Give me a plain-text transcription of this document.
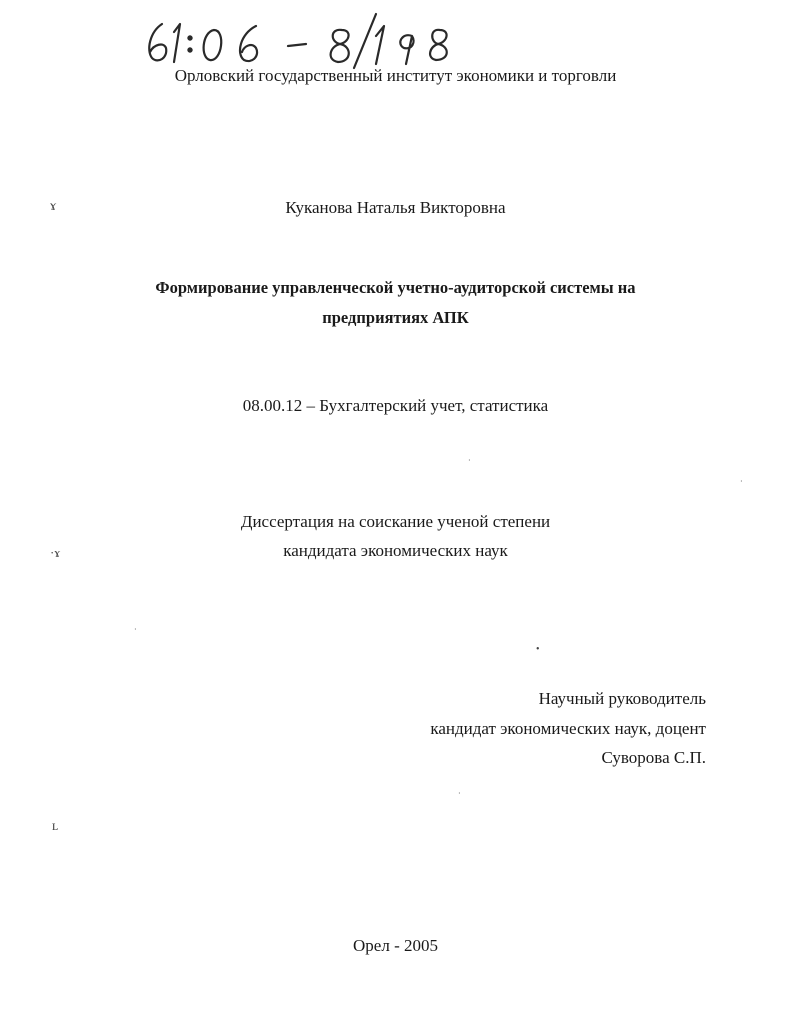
Орловский государственный институт экономики и торговли
Куканова Наталья Викторовна
Формирование управленческой учетно-аудиторской системы на
предприятиях АПК
08.00.12 – Бухгалтерский учет, статистика
Диссертация на соискание ученой степени
кандидата экономических наук
Научный руководитель
кандидат экономических наук, доцент
Суворова С.П.
Орел - 2005
ɤ
·ɤ
ʟ
•
·
·
·
·
